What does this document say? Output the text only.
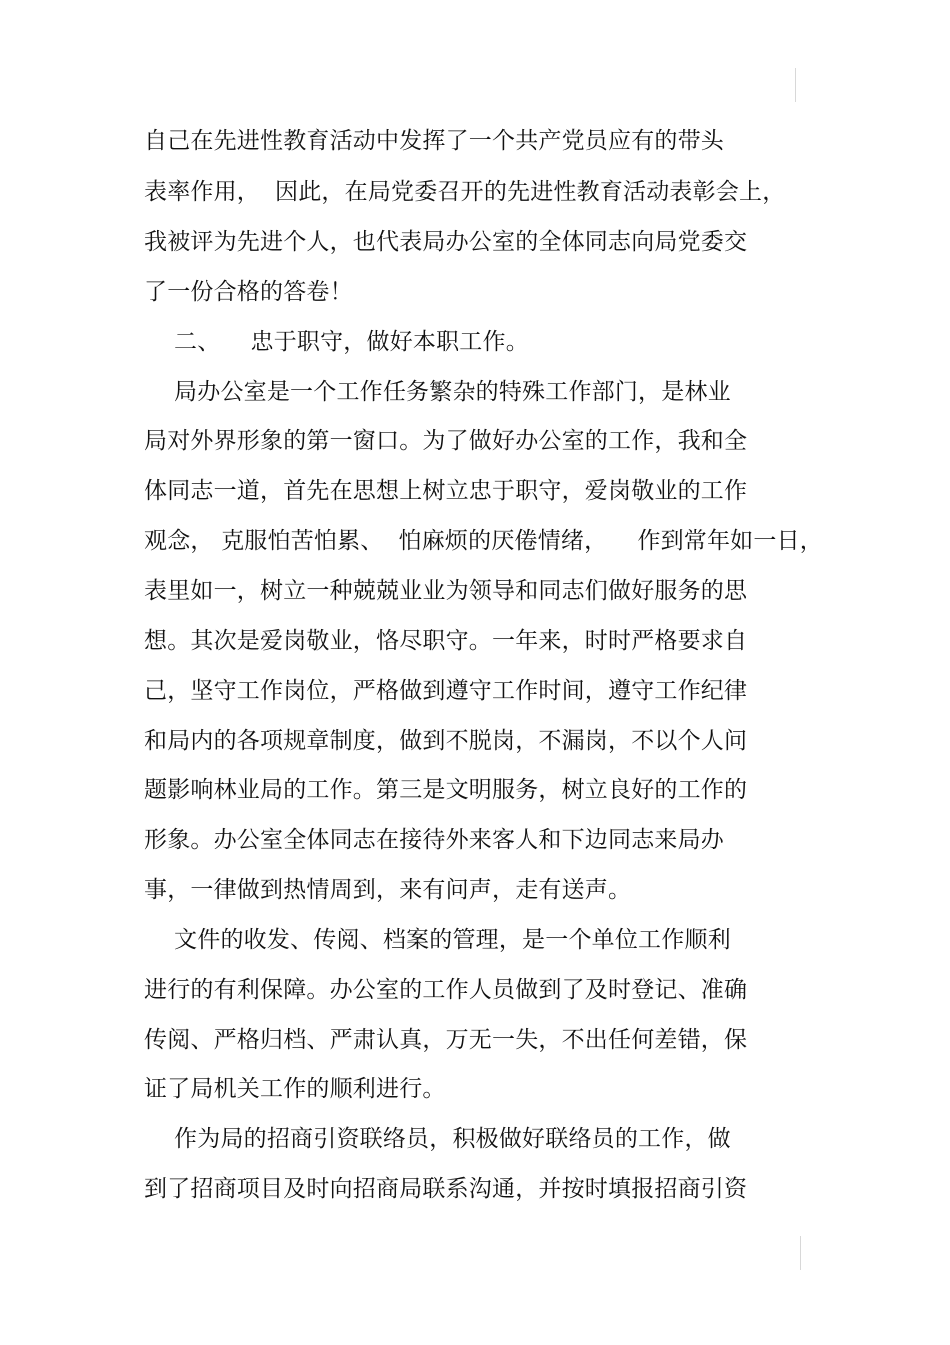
自己在先进性教育活动中发挥了一个共产党员应有的带头
表率作用，  因此，在局党委召开的先进性教育活动表彰会上，
我被评为先进个人，也代表局办公室的全体同志向局党委交
了一份合格的答卷！
二、    忠于职守，做好本职工作。
局办公室是一个工作任务繁杂的特殊工作部门，是林业
局对外界形象的第一窗口。为了做好办公室的工作，我和全
体同志一道，首先在思想上树立忠于职守，爱岗敬业的工作
观念， 克服怕苦怕累、  怕麻烦的厌倦情绪，    作到常年如一日，
表里如一，树立一种兢兢业业为领导和同志们做好服务的思
想。其次是爱岗敬业，恪尽职守。一年来，时时严格要求自
己，坚守工作岗位，严格做到遵守工作时间，遵守工作纪律
和局内的各项规章制度，做到不脱岗，不漏岗，不以个人问
题影响林业局的工作。第三是文明服务，树立良好的工作的
形象。办公室全体同志在接待外来客人和下边同志来局办
事，一律做到热情周到，来有问声，走有送声。
文件的收发、传阅、档案的管理，是一个单位工作顺利
进行的有利保障。办公室的工作人员做到了及时登记、准确
传阅、严格归档、严肃认真，万无一失，不出任何差错，保
证了局机关工作的顺利进行。
作为局的招商引资联络员，积极做好联络员的工作，做
到了招商项目及时向招商局联系沟通，并按时填报招商引资
